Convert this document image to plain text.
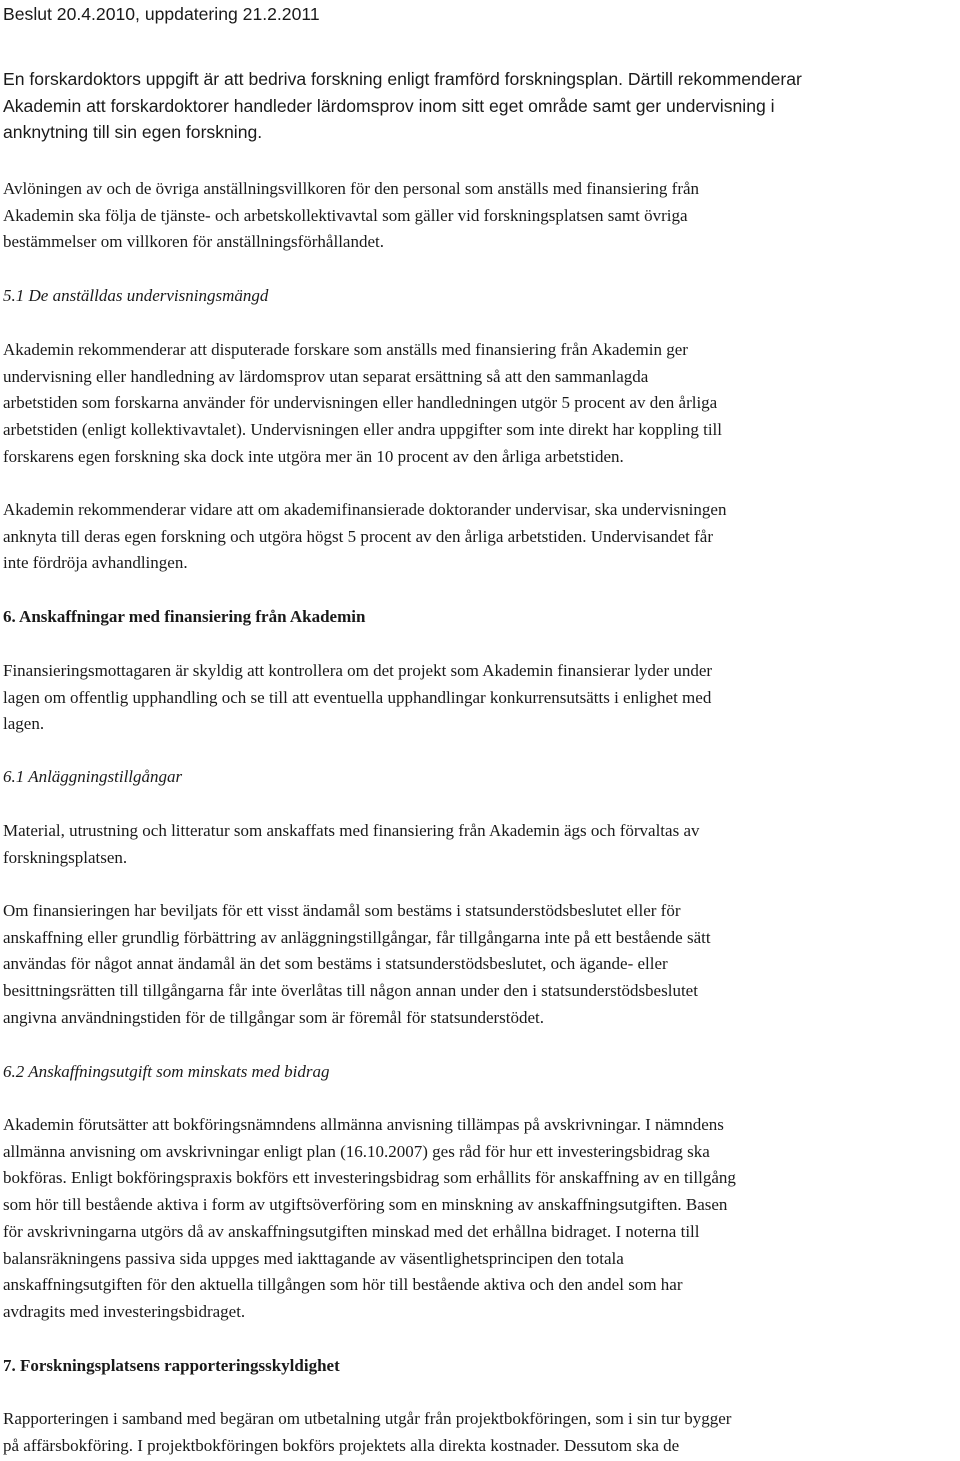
Beslut 20.4.2010, uppdatering 21.2.2011

En forskardoktors uppgift är att bedriva forskning enligt framförd forskningsplan. Därtill rekommenderar
Akademin att forskardoktorer handleder lärdomsprov inom sitt eget område samt ger undervisning i
anknytning till sin egen forskning.

Avlöningen av och de övriga anställningsvillkoren för den personal som anställs med finansiering från
Akademin ska följa de tjänste- och arbetskollektivavtal som gäller vid forskningsplatsen samt övriga
bestämmelser om villkoren för anställningsförhållandet.

5.1 De anställdas undervisningsmängd

Akademin rekommenderar att disputerade forskare som anställs med finansiering från Akademin ger
undervisning eller handledning av lärdomsprov utan separat ersättning så att den sammanlagda
arbetstiden som forskarna använder för undervisningen eller handledningen utgör 5 procent av den årliga
arbetstiden (enligt kollektivavtalet). Undervisningen eller andra uppgifter som inte direkt har koppling till
forskarens egen forskning ska dock inte utgöra mer än 10 procent av den årliga arbetstiden.

Akademin rekommenderar vidare att om akademifinansierade doktorander undervisar, ska undervisningen
anknyta till deras egen forskning och utgöra högst 5 procent av den årliga arbetstiden. Undervisandet får
inte fördröja avhandlingen.

6. Anskaffningar med finansiering från Akademin

Finansieringsmottagaren är skyldig att kontrollera om det projekt som Akademin finansierar lyder under
lagen om offentlig upphandling och se till att eventuella upphandlingar konkurrensutsätts i enlighet med
lagen.

6.1 Anläggningstillgångar

Material, utrustning och litteratur som anskaffats med finansiering från Akademin ägs och förvaltas av
forskningsplatsen.

Om finansieringen har beviljats för ett visst ändamål som bestäms i statsunderstödsbeslutet eller för
anskaffning eller grundlig förbättring av anläggningstillgångar, får tillgångarna inte på ett bestående sätt
användas för något annat ändamål än det som bestäms i statsunderstödsbeslutet, och ägande- eller
besittningsrätten till tillgångarna får inte överlåtas till någon annan under den i statsunderstödsbeslutet
angivna användningstiden för de tillgångar som är föremål för statsunderstödet.

6.2 Anskaffningsutgift som minskats med bidrag

Akademin förutsätter att bokföringsnämndens allmänna anvisning tillämpas på avskrivningar. I nämndens
allmänna anvisning om avskrivningar enligt plan (16.10.2007) ges råd för hur ett investeringsbidrag ska
bokföras. Enligt bokföringspraxis bokförs ett investeringsbidrag som erhållits för anskaffning av en tillgång
som hör till bestående aktiva i form av utgiftsöverföring som en minskning av anskaffningsutgiften. Basen
för avskrivningarna utgörs då av anskaffningsutgiften minskad med det erhållna bidraget. I noterna till
balansräkningens passiva sida uppges med iakttagande av väsentlighetsprincipen den totala
anskaffningsutgiften för den aktuella tillgången som hör till bestående aktiva och den andel som har
avdragits med investeringsbidraget.

7. Forskningsplatsens rapporteringsskyldighet

Rapporteringen i samband med begäran om utbetalning utgår från projektbokföringen, som i sin tur bygger
på affärsbokföring. I projektbokföringen bokförs projektets alla direkta kostnader. Dessutom ska de
